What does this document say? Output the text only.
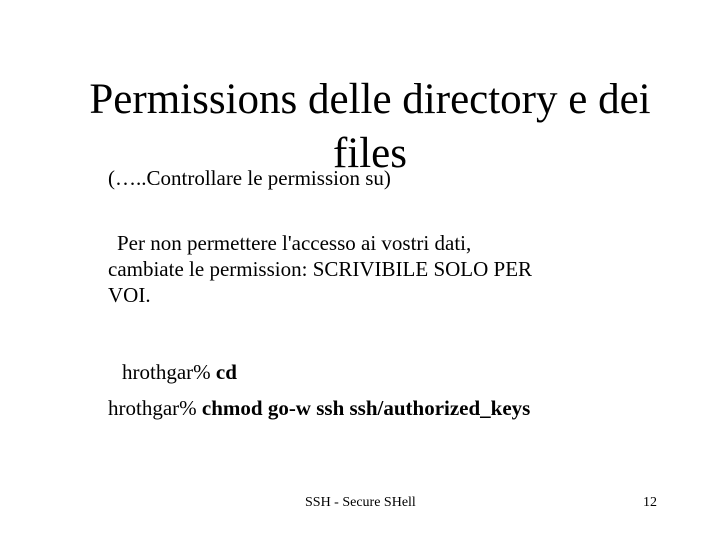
Permissions delle directory e dei
files
(…..Controllare le permission su)
Per non permettere l'accesso ai vostri dati,
cambiate le permission: SCRIVIBILE SOLO PER
VOI.
hrothgar% cd
hrothgar% chmod go-w ssh ssh/authorized_keys
SSH - Secure SHell	12
